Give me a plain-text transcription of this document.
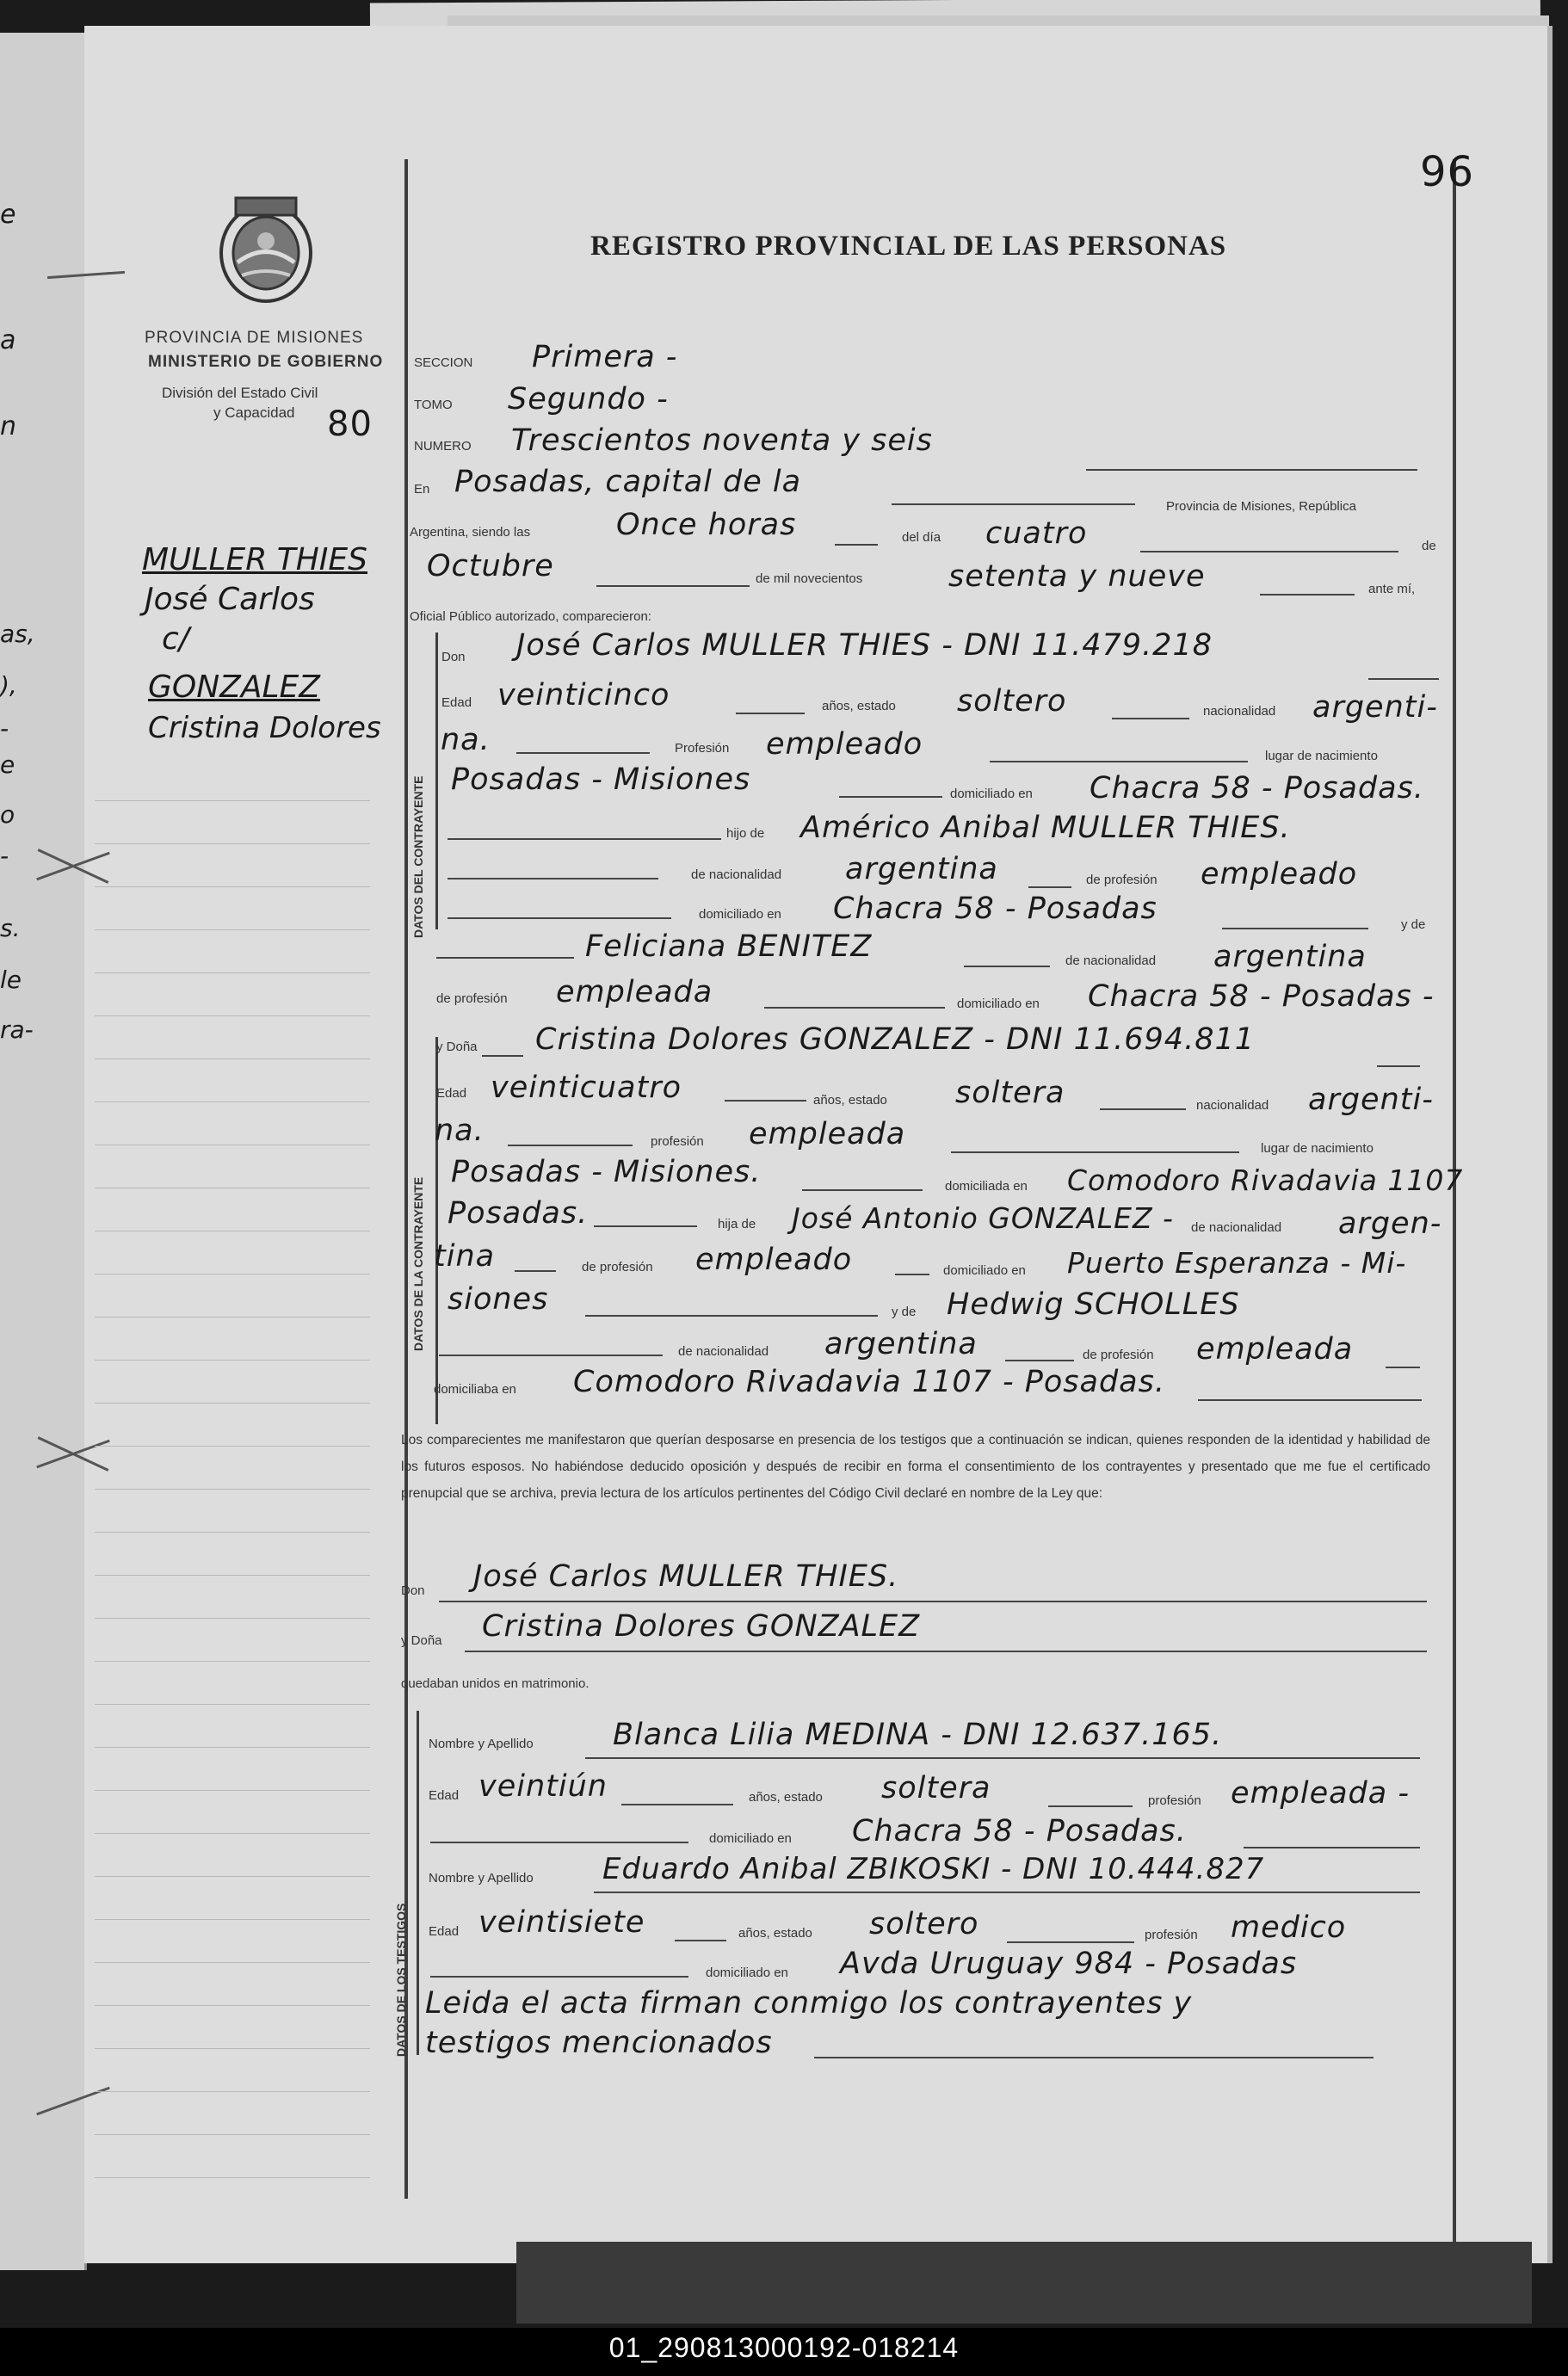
e
a
n
as,
),
-
e
o
-
s.
le
ra-
96
PROVINCIA DE MISIONES
MINISTERIO DE GOBIERNO
División del Estado Civil
y Capacidad 80
REGISTRO PROVINCIAL DE LAS PERSONAS
MULLER THIES
José Carlos
c/
GONZALEZ
Cristina Dolores
SECCION Primera -
TOMO Segundo -
NUMERO Trescientos noventa y seis
En Posadas, capital de la
Provincia de Misiones, República
Argentina, siendo las	Once horas	del día cuatro	de
Octubre	de mil novecientos	setenta y nueve	ante mí,
Oficial Público autorizado, comparecieron:
DATOS DEL CONTRAYENTE
Don José Carlos MULLER THIES - DNI 11.479.218
Edad veinticinco	años, estado soltero	nacionalidad argenti-
na.	Profesión empleado	lugar de nacimiento
Posadas - Misiones	domiciliado en Chacra 58 - Posadas.
hijo de Américo Anibal MULLER THIES.
de nacionalidad argentina	de profesión empleado
domiciliado en Chacra 58 - Posadas	y de
Feliciana BENITEZ	de nacionalidad argentina
de profesión empleada	domiciliado en Chacra 58 - Posadas -
DATOS DE LA CONTRAYENTE
y Doña Cristina Dolores GONZALEZ - DNI 11.694.811
Edad veinticuatro	años, estado soltera	nacionalidad argenti-
na.	profesión empleada	lugar de nacimiento
Posadas - Misiones.	domiciliada en Comodoro Rivadavia 1107
Posadas.	hija de José Antonio GONZALEZ - de nacionalidad argen-
tina	de profesión empleado	domiciliado en Puerto Esperanza - Mi-
siones	y de Hedwig SCHOLLES
de nacionalidad argentina	de profesión empleada
domiciliaba en Comodoro Rivadavia 1107 - Posadas.

Los comparecientes me manifestaron que querían desposarse en presencia de los testigos que a continuación se indican, quienes responden de la identidad y habilidad de los futuros esposos. No habiéndose deducido oposición y después de recibir en forma el consentimiento de los contrayentes y presentado que me fue el certificado prenupcial que se archiva, previa lectura de los artículos pertinentes del Código Civil declaré en nombre de la Ley que:

Don José Carlos MULLER THIES.
y Doña Cristina Dolores GONZALEZ
quedaban unidos en matrimonio.
DATOS DE LOS TESTIGOS
Nombre y Apellido	Blanca Lilia MEDINA - DNI 12.637.165.
Edad veintiún	años, estado soltera	profesión empleada -
domiciliado en Chacra 58 - Posadas.
Nombre y Apellido Eduardo Anibal ZBIKOSKI - DNI 10.444.827
Edad veintisiete	años, estado soltero	profesión medico
domiciliado en Avda Uruguay 984 - Posadas
Leida el acta firman conmigo los contrayentes y
testigos mencionados
01_290813000192-018214
